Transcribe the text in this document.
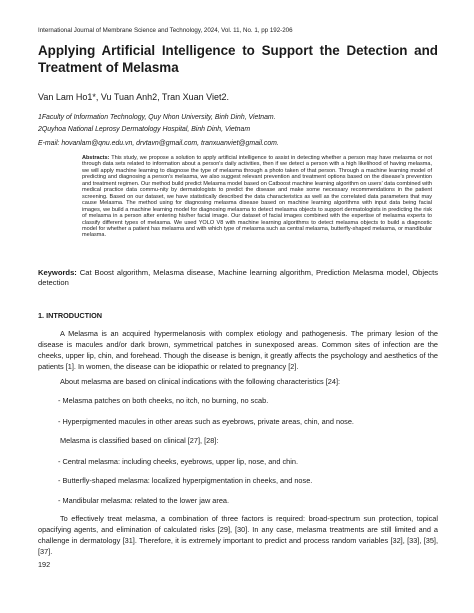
International Journal of Membrane Science and Technology, 2024, Vol. 11, No. 1, pp 192-206
Applying Artificial Intelligence to Support the Detection and Treatment of Melasma
Van Lam Ho1*, Vu Tuan Anh2, Tran Xuan Viet2.
1Faculty of Information Technology, Quy Nhon University, Binh Dinh, Vietnam.
2Quyhoa National Leprosy Dermatology Hospital, Binh Dinh, Vietnam
E-mail: hovanlam@qnu.edu.vn, drvtavn@gmail.com, tranxuanviet@gmail.com.
Abstracts: This study, we propose a solution to apply artificial intelligence to assist in detecting whether a person may have melasma or not through data sets related to information about a person's daily activities, then if we detect a person with a high likelihood of having melasma, we will apply machine learning to diagnose the type of melasma through a photo taken of that person. Through a machine learning model of predicting and diagnosing a person's melasma, we also suggest relevant prevention and treatment options based on the disease's prevention and treatment regimen. Our method build predict Melasma model based on Catboost machine learning algorithm on users' data combined with medical practice data commu-nity by dermatologists to predict the disease and make some necessary recommendations in the patient screening. Based on our dataset, we have statistically described the data characteristics as well as the correlated data parameters that may cause Melasma. The method using for diagnosing melasma disease based on machine learning algorithms with input data being facial images, we build a machine learning model for diagnosing melasma to detect melasma objects to support dermatologists in predicting the risk of melasma in a person after entering his/her facial image. Our dataset of facial images combined with the expertise of melasma experts to classify different types of melasma. We used YOLO V8 with machine learning algorithms to detect melasma objects to build a diagnostic model for whether a patient has melasma and with which type of melasma such as central melasma, butterfly-shaped melasma, or mandibular melasma.
Keywords: Cat Boost algorithm, Melasma disease, Machine learning algorithm, Prediction Melasma model, Objects detection
1. INTRODUCTION
A Melasma is an acquired hypermelanosis with complex etiology and pathogenesis. The primary lesion of the disease is macules and/or dark brown, symmetrical patches in sunexposed areas. Common sites of infection are the cheeks, upper lip, chin, and forehead. Though the disease is benign, it greatly affects the psychology and aesthetics of the patients [1]. In women, the disease can be idiopathic or related to pregnancy [2].
About melasma are based on clinical indications with the following characteristics [24]:
- Melasma patches on both cheeks, no itch, no burning, no scab.
- Hyperpigmented macules in other areas such as eyebrows, private areas, chin, and nose.
Melasma is classified based on clinical [27], [28]:
- Central melasma: including cheeks, eyebrows, upper lip, nose, and chin.
- Butterfly-shaped melasma: localized hyperpigmentation in cheeks, and nose.
- Mandibular melasma: related to the lower jaw area.
To effectively treat melasma, a combination of three factors is required: broad-spectrum sun protection, topical opacifying agents, and elimination of calculated risks [29], [30]. In any case, melasma treatments are still limited and a challenge in dermatology [31]. Therefore, it is extremely important to predict and process random variables [32], [33], [35], [37].
192
